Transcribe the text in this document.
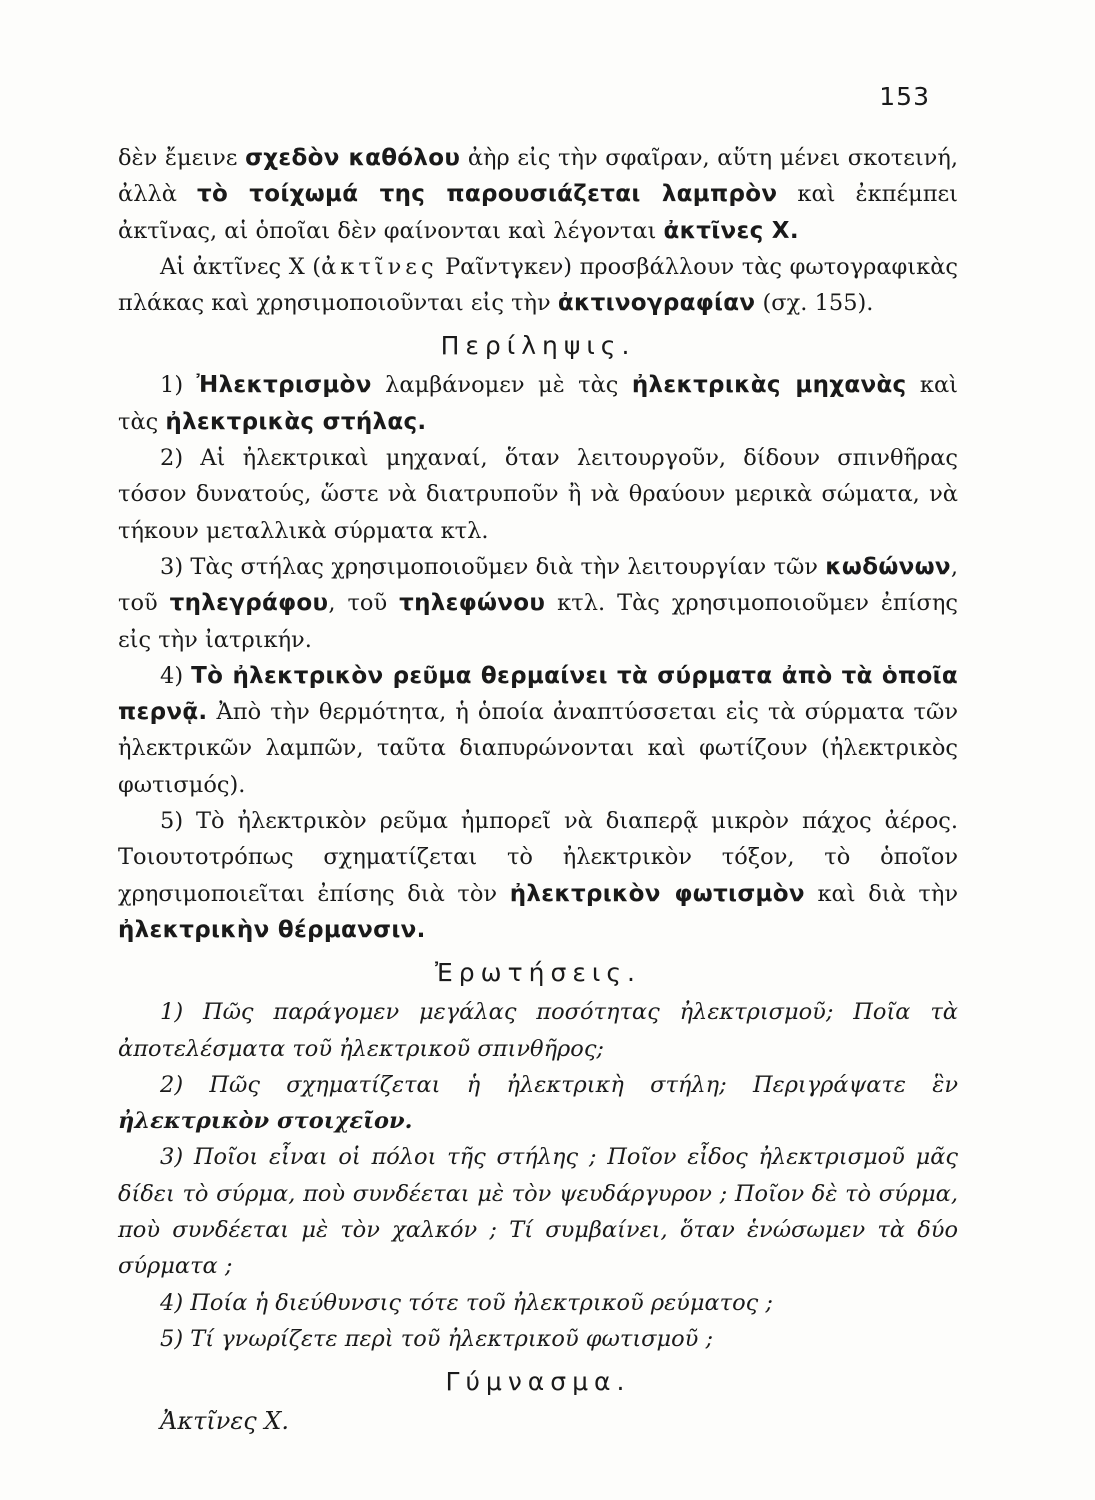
153

δὲν ἔμεινε σχεδὸν καθόλου ἀὴρ εἰς τὴν σφαῖραν, αὕτη μένει σκοτεινή, ἀλλὰ τὸ τοίχωμά της παρουσιάζεται λαμπρὸν καὶ ἐκπέμπει ἀκτῖνας, αἱ ὁποῖαι δὲν φαίνονται καὶ λέγονται ἀκτῖνες Χ.

Αἱ ἀκτῖνες Χ (ἀκτῖνες Ραῖντγκεν) προσβάλλουν τὰς φωτογραφικὰς πλάκας καὶ χρησιμοποιοῦνται εἰς τὴν ἀκτινογραφίαν (σχ. 155).

Περίληψις.

1) Ἠλεκτρισμὸν λαμβάνομεν μὲ τὰς ἠλεκτρικὰς μηχανὰς καὶ τὰς ἠλεκτρικὰς στήλας.

2) Αἱ ἠλεκτρικαὶ μηχαναί, ὅταν λειτουργοῦν, δίδουν σπινθῆρας τόσον δυνατούς, ὥστε νὰ διατρυποῦν ἢ νὰ θραύουν μερικὰ σώματα, νὰ τήκουν μεταλλικὰ σύρματα κτλ.

3) Τὰς στήλας χρησιμοποιοῦμεν διὰ τὴν λειτουργίαν τῶν κωδώνων, τοῦ τηλεγράφου, τοῦ τηλεφώνου κτλ. Τὰς χρησιμοποιοῦμεν ἐπίσης εἰς τὴν ἰατρικήν.

4) Τὸ ἠλεκτρικὸν ρεῦμα θερμαίνει τὰ σύρματα ἀπὸ τὰ ὁποῖα περνᾷ. Ἀπὸ τὴν θερμότητα, ἡ ὁποία ἀναπτύσσεται εἰς τὰ σύρματα τῶν ἠλεκτρικῶν λαμπῶν, ταῦτα διαπυρώνονται καὶ φωτίζουν (ἠλεκτρικὸς φωτισμός).

5) Τὸ ἠλεκτρικὸν ρεῦμα ἠμπορεῖ νὰ διαπερᾷ μικρὸν πάχος ἀέρος. Τοιουτοτρόπως σχηματίζεται τὸ ἠλεκτρικὸν τόξον, τὸ ὁποῖον χρησιμοποιεῖται ἐπίσης διὰ τὸν ἠλεκτρικὸν φωτισμὸν καὶ διὰ τὴν ἠλεκτρικὴν θέρμανσιν.

Ἐρωτήσεις.

1) Πῶς παράγομεν μεγάλας ποσότητας ἠλεκτρισμοῦ; Ποῖα τὰ ἀποτελέσματα τοῦ ἠλεκτρικοῦ σπινθῆρος;

2) Πῶς σχηματίζεται ἡ ἠλεκτρικὴ στήλη; Περιγράψατε ἓν ἠλεκτρικὸν στοιχεῖον.

3) Ποῖοι εἶναι οἱ πόλοι τῆς στήλης ; Ποῖον εἶδος ἠλεκτρισμοῦ μᾶς δίδει τὸ σύρμα, ποὺ συνδέεται μὲ τὸν ψευδάργυρον ; Ποῖον δὲ τὸ σύρμα, ποὺ συνδέεται μὲ τὸν χαλκόν ; Τί συμβαίνει, ὅταν ἑνώσωμεν τὰ δύο σύρματα ;

4) Ποία ἡ διεύθυνσις τότε τοῦ ἠλεκτρικοῦ ρεύματος ;

5) Τί γνωρίζετε περὶ τοῦ ἠλεκτρικοῦ φωτισμοῦ ;

Γύμνασμα.

Ἀκτῖνες Χ.
